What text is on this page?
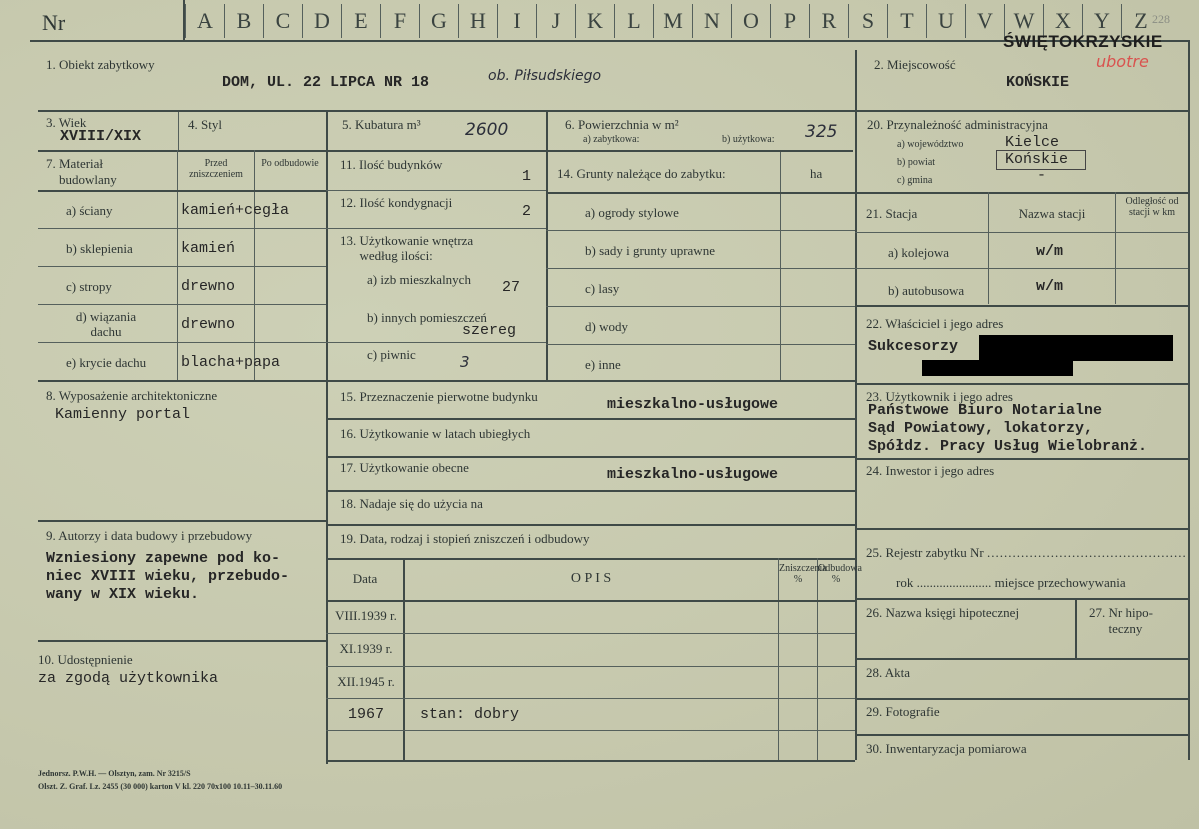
Nr	A	B	C	D	E	F	G	H	I	J	K	L	M N	O	P	R	S	T	U	V W X	Y	Z
ŚWIĘTOKRZYSKIE
228
ubotre
1. Obiekt zabytkowy
DOM, UL. 22 LIPCA NR 18	ob. Piłsudskiego
2. Miejscowość
KOŃSKIE
3. Wiek
XVIII/XIX
4. Styl	5. Kubatura m³	2600	6. Powierzchnia w m²
a) zabytkowa:	b) użytkowa: 325
7. Materiał
budowlany
Przed zniszczeniem
Po odbudowie
a) ściany	kamień+cegła
b) sklepienia	kamień
c) stropy	drewno
d) wiązania dachu	drewno
e) krycie dachu	blacha+papa
11. Ilość budynków
1
12. Ilość kondygnacji
2
13. Użytkowanie wnętrza
według ilości:
a) izb mieszkalnych 27
b) innych pomieszczeń
szereg
c) piwnic	3
14. Grunty należące do zabytku:	ha
a) ogrody stylowe
b) sady i grunty uprawne
c) lasy
d) wody
e) inne
20. Przynależność administracyjna
a) województwo	Kielce
b) powiat	Końskie
c) gmina	-
21. Stacja	Nazwa stacji
Odległość od stacji w km
a) kolejowa	w/m
b) autobusowa	w/m
22. Właściciel i jego adres
Sukcesorzy
23. Użytkownik i jego adres
Państwowe Biuro Notarialne
Sąd Powiatowy, lokatorzy,
Spółdz. Pracy Usług Wielobranż.
24. Inwestor i jego adres
25. Rejestr zabytku Nr ...............................................
rok ....................... miejsce przechowywania
26. Nazwa księgi hipotecznej	27. Nr hipo-
teczny
28. Akta
29. Fotografie
30. Inwentaryzacja pomiarowa
8. Wyposażenie architektoniczne
Kamienny portal
9. Autorzy i data budowy i przebudowy
Wzniesiony zapewne pod ko-
niec XVIII wieku, przebudo-
wany w XIX wieku.
10. Udostępnienie
za zgodą użytkownika
15. Przeznaczenie pierwotne budynku	mieszkalno-usługowe
16. Użytkowanie w latach ubiegłych
17. Użytkowanie obecne	mieszkalno-usługowe
18. Nadaje się do użycia na
19. Data, rodzaj i stopień zniszczeń i odbudowy
Data	O P I S
Zniszczenia
%
Odbudowa
%
VIII.1939 r.
XI.1939 r.
XII.1945 r.
1967	stan: dobry
Jednorsz. P.W.H. — Olsztyn, zam. Nr 3215/S
Olszt. Z. Graf. Lz. 2455 (30 000) karton V kl. 220 70x100 10.11–30.11.60
